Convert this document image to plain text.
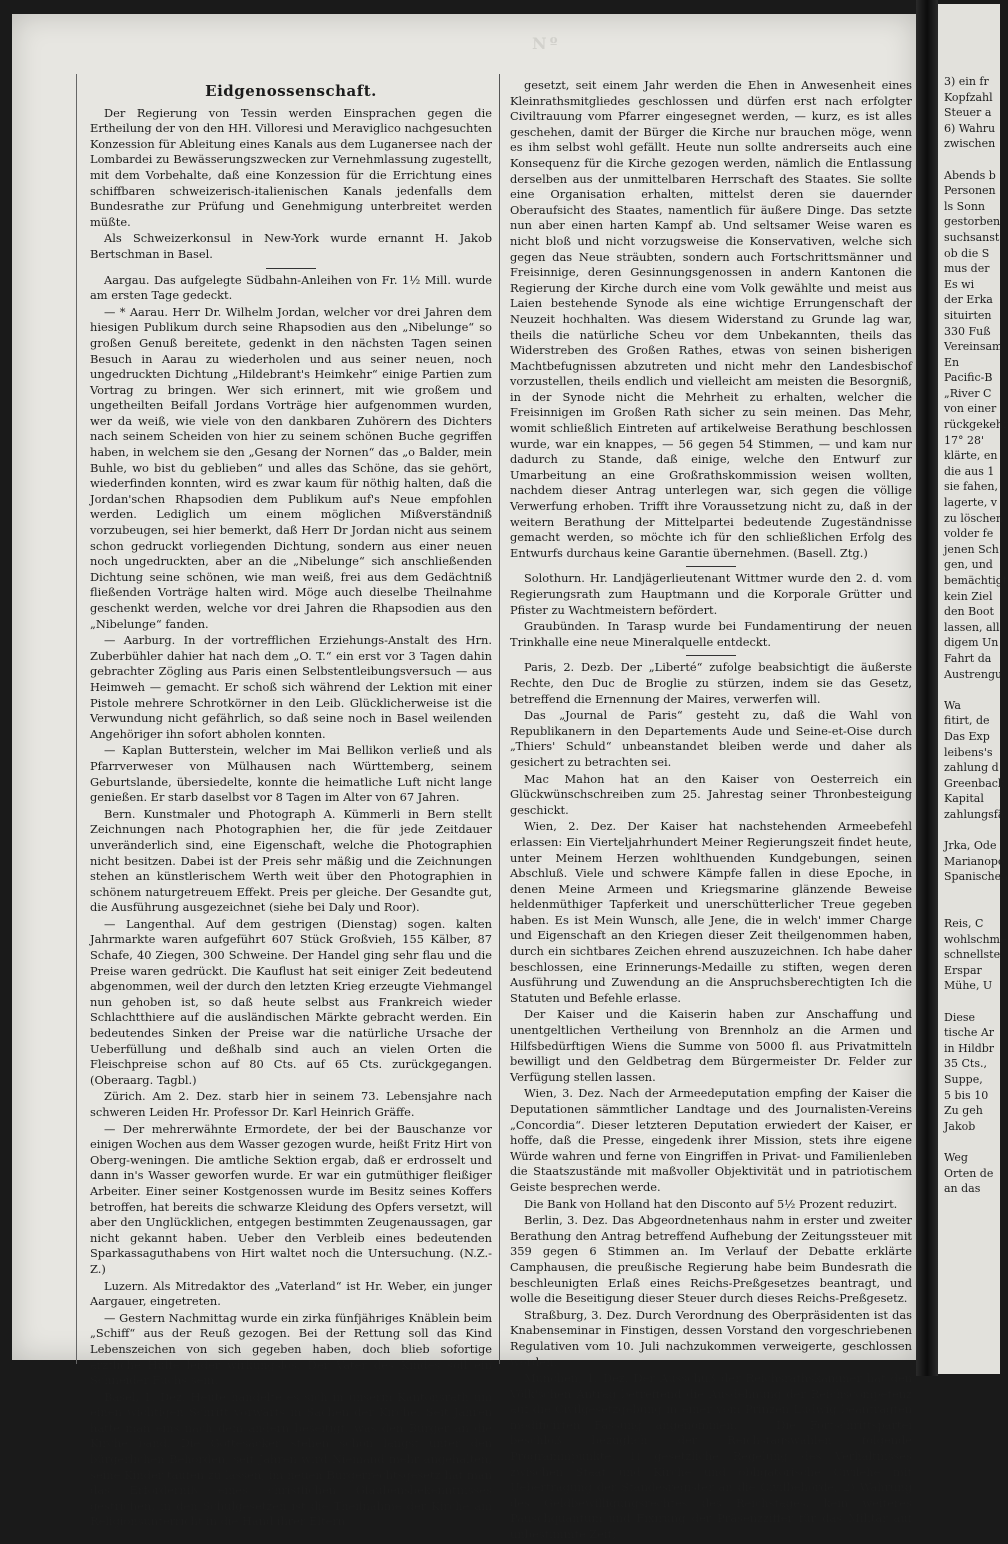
Nº
Eidgenossenschaft.
Der Regierung von Tessin werden Einsprachen gegen die Ertheilung der von den HH. Villoresi und Meraviglico nachgesuchten Konzession für Ableitung eines Kanals aus dem Luganersee nach der Lombardei zu Bewässerungszwecken zur Vernehmlassung zugestellt, mit dem Vorbehalte, daß eine Konzession für die Errichtung eines schiffbaren schweizerisch-italienischen Kanals jedenfalls dem Bundesrathe zur Prüfung und Genehmigung unterbreitet werden müßte.
Als Schweizerkonsul in New-York wurde ernannt H. Jakob Bertschman in Basel.
Aargau. Das aufgelegte Südbahn-Anleihen von Fr. 1½ Mill. wurde am ersten Tage gedeckt.
— * Aarau. Herr Dr. Wilhelm Jordan, welcher vor drei Jahren dem hiesigen Publikum durch seine Rhapsodien aus den „Nibelunge“ so großen Genuß bereitete, gedenkt in den nächsten Tagen seinen Besuch in Aarau zu wiederholen und aus seiner neuen, noch ungedruckten Dichtung „Hildebrant's Heimkehr“ einige Partien zum Vortrag zu bringen. Wer sich erinnert, mit wie großem und ungetheilten Beifall Jordans Vorträge hier aufgenommen wurden, wer da weiß, wie viele von den dankbaren Zuhörern des Dichters nach seinem Scheiden von hier zu seinem schönen Buche gegriffen haben, in welchem sie den „Gesang der Nornen“ das „o Balder, mein Buhle, wo bist du geblieben“ und alles das Schöne, das sie gehört, wiederfinden konnten, wird es zwar kaum für nöthig halten, daß die Jordan'schen Rhapsodien dem Publikum auf's Neue empfohlen werden. Lediglich um einem möglichen Mißverständniß vorzubeugen, sei hier bemerkt, daß Herr Dr Jordan nicht aus seinem schon gedruckt vorliegenden Dichtung, sondern aus einer neuen noch ungedruckten, aber an die „Nibelunge“ sich anschließenden Dichtung seine schönen, wie man weiß, frei aus dem Gedächtniß fließenden Vorträge halten wird. Möge auch dieselbe Theilnahme geschenkt werden, welche vor drei Jahren die Rhapsodien aus den „Nibelunge“ fanden.
— Aarburg. In der vortrefflichen Erziehungs-Anstalt des Hrn. Zuberbühler dahier hat nach dem „O. T.“ ein erst vor 3 Tagen dahin gebrachter Zögling aus Paris einen Selbstentleibungsversuch — aus Heimweh — gemacht. Er schoß sich während der Lektion mit einer Pistole mehrere Schrotkörner in den Leib. Glücklicherweise ist die Verwundung nicht gefährlich, so daß seine noch in Basel weilenden Angehöriger ihn sofort abholen konnten.
— Kaplan Butterstein, welcher im Mai Bellikon verließ und als Pfarrverweser von Mülhausen nach Württemberg, seinem Geburtslande, übersiedelte, konnte die heimatliche Luft nicht lange genießen. Er starb daselbst vor 8 Tagen im Alter von 67 Jahren.
Bern. Kunstmaler und Photograph A. Kümmerli in Bern stellt Zeichnungen nach Photographien her, die für jede Zeitdauer unveränderlich sind, eine Eigenschaft, welche die Photographien nicht besitzen. Dabei ist der Preis sehr mäßig und die Zeichnungen stehen an künstlerischem Werth weit über den Photographien in schönem naturgetreuem Effekt. Preis per gleiche. Der Gesandte gut, die Ausführung ausgezeichnet (siehe bei Daly und Roor).
— Langenthal. Auf dem gestrigen (Dienstag) sogen. kalten Jahrmarkte waren aufgeführt 607 Stück Großvieh, 155 Kälber, 87 Schafe, 40 Ziegen, 300 Schweine. Der Handel ging sehr flau und die Preise waren gedrückt. Die Kauflust hat seit einiger Zeit bedeutend abgenommen, weil der durch den letzten Krieg erzeugte Viehmangel nun gehoben ist, so daß heute selbst aus Frankreich wieder Schlachtthiere auf die ausländischen Märkte gebracht werden. Ein bedeutendes Sinken der Preise war die natürliche Ursache der Ueberfüllung und deßhalb sind auch an vielen Orten die Fleischpreise schon auf 80 Cts. auf 65 Cts. zurückgegangen. (Oberaarg. Tagbl.)
Zürich. Am 2. Dez. starb hier in seinem 73. Lebensjahre nach schweren Leiden Hr. Professor Dr. Karl Heinrich Gräffe.
— Der mehrerwähnte Ermordete, der bei der Bauschanze vor einigen Wochen aus dem Wasser gezogen wurde, heißt Fritz Hirt von Oberg-weningen. Die amtliche Sektion ergab, daß er erdrosselt und dann in's Wasser geworfen wurde. Er war ein gutmüthiger fleißiger Arbeiter. Einer seiner Kostgenossen wurde im Besitz seines Koffers betroffen, hat bereits die schwarze Kleidung des Opfers versetzt, will aber den Unglücklichen, entgegen bestimmten Zeugenaussagen, gar nicht gekannt haben. Ueber den Verbleib eines bedeutenden Sparkassaguthabens von Hirt waltet noch die Untersuchung. (N.Z.-Z.)
Luzern. Als Mitredaktor des „Vaterland“ ist Hr. Weber, ein junger Aargauer, eingetreten.
— Gestern Nachmittag wurde ein zirka fünfjähriges Knäblein beim „Schiff“ aus der Reuß gezogen. Bei der Rettung soll das Kind Lebenszeichen von sich gegeben haben, doch blieb sofortige ärztliche Hülfe leider wirkungslos. Der Vater des Kindes soll ein Schneider Fuchs sein.
Basel, 1. Dez. Heute handelte es sich in unserm Kantonsrath um einen wichtigen Schritt vorwärts in Sachen der Kirche. Seit Jahren hatte man eins nach dem andern beseitigt, was den Bürger an die Kirche band. Die Gottesäcker stehen schon längst unter den bürgerlichen Behörden, seit Jahren wird Niemand mehr angehalten, seine Kinder taufen zu lassen, im neuen Bürgerrechtsgesetz hat man das Erforderniß eines christlichen Glaubensbekenntnisses gestrichen, in den Schulgesetzen ist die Theilnahme der Kirche am Religionsunterricht in die Hand ihrer Eltern
gesetzt, seit einem Jahr werden die Ehen in Anwesenheit eines Kleinrathsmitgliedes geschlossen und dürfen erst nach erfolgter Civiltrauung vom Pfarrer eingesegnet werden, — kurz, es ist alles geschehen, damit der Bürger die Kirche nur brauchen möge, wenn es ihm selbst wohl gefällt. Heute nun sollte andrerseits auch eine Konsequenz für die Kirche gezogen werden, nämlich die Entlassung derselben aus der unmittelbaren Herrschaft des Staates. Sie sollte eine Organisation erhalten, mittelst deren sie dauernder Oberaufsicht des Staates, namentlich für äußere Dinge. Das setzte nun aber einen harten Kampf ab. Und seltsamer Weise waren es nicht bloß und nicht vorzugsweise die Konservativen, welche sich gegen das Neue sträubten, sondern auch Fortschrittsmänner und Freisinnige, deren Gesinnungsgenossen in andern Kantonen die Regierung der Kirche durch eine vom Volk gewählte und meist aus Laien bestehende Synode als eine wichtige Errungenschaft der Neuzeit hochhalten. Was diesem Widerstand zu Grunde lag war, theils die natürliche Scheu vor dem Unbekannten, theils das Widerstreben des Großen Rathes, etwas von seinen bisherigen Machtbefugnissen abzutreten und nicht mehr den Landesbischof vorzustellen, theils endlich und vielleicht am meisten die Besorgniß, in der Synode nicht die Mehrheit zu erhalten, welcher die Freisinnigen im Großen Rath sicher zu sein meinen. Das Mehr, womit schließlich Eintreten auf artikelweise Berathung beschlossen wurde, war ein knappes, — 56 gegen 54 Stimmen, — und kam nur dadurch zu Stande, daß einige, welche den Entwurf zur Umarbeitung an eine Großrathskommission weisen wollten, nachdem dieser Antrag unterlegen war, sich gegen die völlige Verwerfung erhoben. Trifft ihre Voraussetzung nicht zu, daß in der weitern Berathung der Mittelpartei bedeutende Zugeständnisse gemacht werden, so möchte ich für den schließlichen Erfolg des Entwurfs durchaus keine Garantie übernehmen. (Basell. Ztg.)
Solothurn. Hr. Landjägerlieutenant Wittmer wurde den 2. d. vom Regierungsrath zum Hauptmann und die Korporale Grütter und Pfister zu Wachtmeistern befördert.
Graubünden. In Tarasp wurde bei Fundamentirung der neuen Trinkhalle eine neue Mineralquelle entdeckt.
Paris, 2. Dezb. Der „Liberté“ zufolge beabsichtigt die äußerste Rechte, den Duc de Broglie zu stürzen, indem sie das Gesetz, betreffend die Ernennung der Maires, verwerfen will.
Das „Journal de Paris“ gesteht zu, daß die Wahl von Republikanern in den Departements Aude und Seine-et-Oise durch „Thiers' Schuld“ unbeanstandet bleiben werde und daher als gesichert zu betrachten sei.
Mac Mahon hat an den Kaiser von Oesterreich ein Glückwünschschreiben zum 25. Jahrestag seiner Thronbesteigung geschickt.
Wien, 2. Dez. Der Kaiser hat nachstehenden Armeebefehl erlassen: Ein Vierteljahrhundert Meiner Regierungszeit findet heute, unter Meinem Herzen wohlthuenden Kundgebungen, seinen Abschluß. Viele und schwere Kämpfe fallen in diese Epoche, in denen Meine Armeen und Kriegsmarine glänzende Beweise heldenmüthiger Tapferkeit und unerschütterlicher Treue gegeben haben. Es ist Mein Wunsch, alle Jene, die in welch' immer Charge und Eigenschaft an den Kriegen dieser Zeit theilgenommen haben, durch ein sichtbares Zeichen ehrend auszuzeichnen. Ich habe daher beschlossen, eine Erinnerungs-Medaille zu stiften, wegen deren Ausführung und Zuwendung an die Anspruchsberechtigten Ich die Statuten und Befehle erlasse.
Der Kaiser und die Kaiserin haben zur Anschaffung und unentgeltlichen Vertheilung von Brennholz an die Armen und Hilfsbedürftigen Wiens die Summe von 5000 fl. aus Privatmitteln bewilligt und den Geldbetrag dem Bürgermeister Dr. Felder zur Verfügung stellen lassen.
Wien, 3. Dez. Nach der Armeedeputation empfing der Kaiser die Deputationen sämmtlicher Landtage und des Journalisten-Vereins „Concordia“. Dieser letzteren Deputation erwiedert der Kaiser, er hoffe, daß die Presse, eingedenk ihrer Mission, stets ihre eigene Würde wahren und ferne von Eingriffen in Privat- und Familienleben die Staatszustände mit maßvoller Objektivität und in patriotischem Geiste besprechen werde.
Die Bank von Holland hat den Disconto auf 5½ Prozent reduzirt.
Berlin, 3. Dez. Das Abgeordnetenhaus nahm in erster und zweiter Berathung den Antrag betreffend Aufhebung der Zeitungssteuer mit 359 gegen 6 Stimmen an. Im Verlauf der Debatte erklärte Camphausen, die preußische Regierung habe beim Bundesrath die beschleunigten Erlaß eines Reichs-Preßgesetzes beantragt, und wolle die Beseitigung dieser Steuer durch dieses Reichs-Preßgesetz.
Straßburg, 3. Dez. Durch Verordnung des Oberpräsidenten ist das Knabenseminar in Finstigen, dessen Vorstand den vorgeschriebenen Regulativen vom 10. Juli nachzukommen verweigerte, geschlossen worden.
München, 1. Dez. Der Ausschuß der Reichsrathskammer hat den Völk'schen Antrag betreffend die Ausdehnung der Reichscompetenz auf die Civilgesetzgebung in einer vom Prinzen Ludwig beantragten modificirten Fassung angenommen. — Die Fortschrittspartei beschloß bezüglich der Reichstagswahlen folgende Programmpunkte: 1) gesetzliche Regelung des Verhältnisses zwischen Staat und Kirche und obligatorische Civilehe mit Uebertragung der Standesregister an die Civilbehörde; 2) Wahrung des Geldbewilligungsrechtes des Reichstages, kein weiteres Pauschquantum und Fixirung der Präsenzziffer für das Militär auf unbestimmte Zeit;
3) ein fr
Kopfzahl
Steuer a
6) Wahru
zwischen

Abends b
Personen
ls Sonn
gestorben.
suchsanst
ob die S
mus der
Es wi
der Erka
situirten
330 Fuß
Vereinsam
En
Pacific-B
„River C
von einer
rückgekehr
17° 28'
klärte, en
die aus 1
sie fahen,
lagerte, v
zu löschen
volder fe
jenen Sch
gen, und
bemächtigt
kein Ziel
den Boot
lassen, all
digem Un
Fahrt da
Austrengu

Wa
fitirt, de
Das Exp
leibens's
zahlung d
Greenback
Kapital
zahlungsfä

Jrka, Ode
Marianopo
Spanischen

Reis, C
wohlschme
schnellste
Erspar
Mühe, U

Diese
tische Ar
in Hildbr
35 Cts.,
Suppe,
5 bis 10
Zu geh
Jakob

Weg
Orten de
an das
